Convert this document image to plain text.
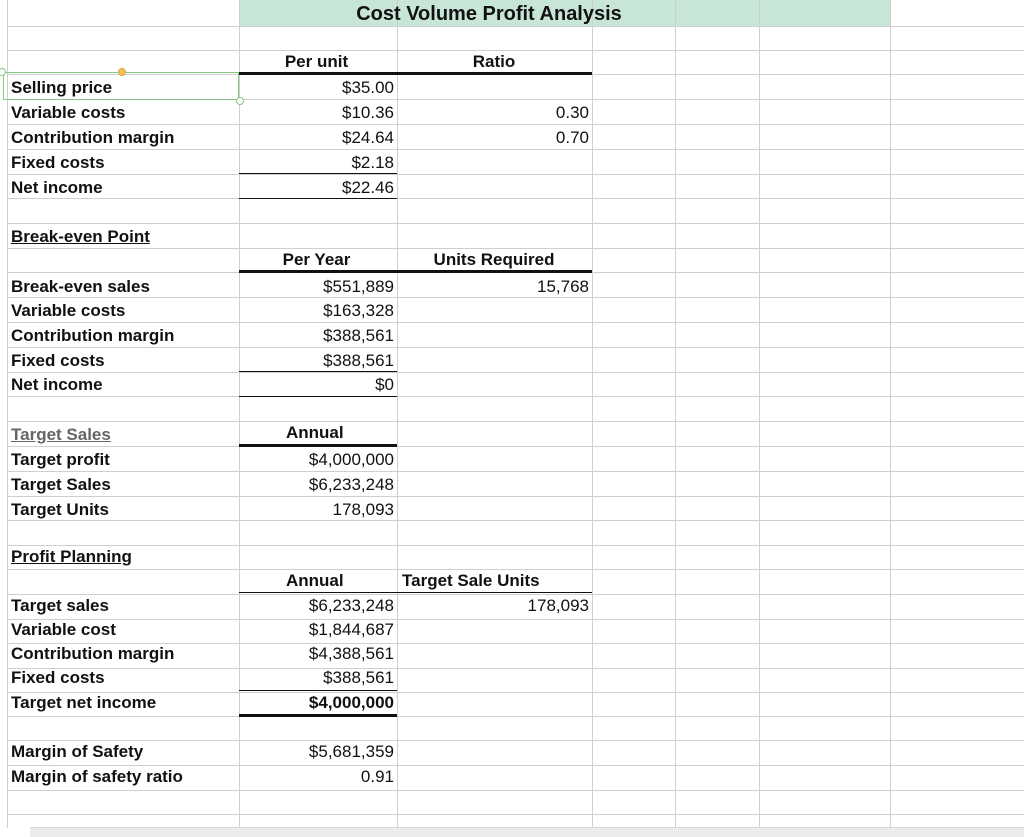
Cost Volume Profit Analysis
Per unit	Ratio
Selling price	$35.00
Variable costs	$10.36	0.30
Contribution margin	$24.64	0.70
Fixed costs	$2.18
Net income	$22.46
Break-even Point
Per Year	Units Required
Break-even sales	$551,889	15,768
Variable costs	$163,328
Contribution margin	$388,561
Fixed costs	$388,561
Net income	$0
Target Sales	Annual
Target profit	$4,000,000
Target Sales	$6,233,248
Target Units	178,093
Profit Planning
Annual	Target Sale Units
Target sales	$6,233,248	178,093
Variable cost	$1,844,687
Contribution margin	$4,388,561
Fixed costs	$388,561
Target net income	$4,000,000
Margin of Safety	$5,681,359
Margin of safety ratio	0.91
